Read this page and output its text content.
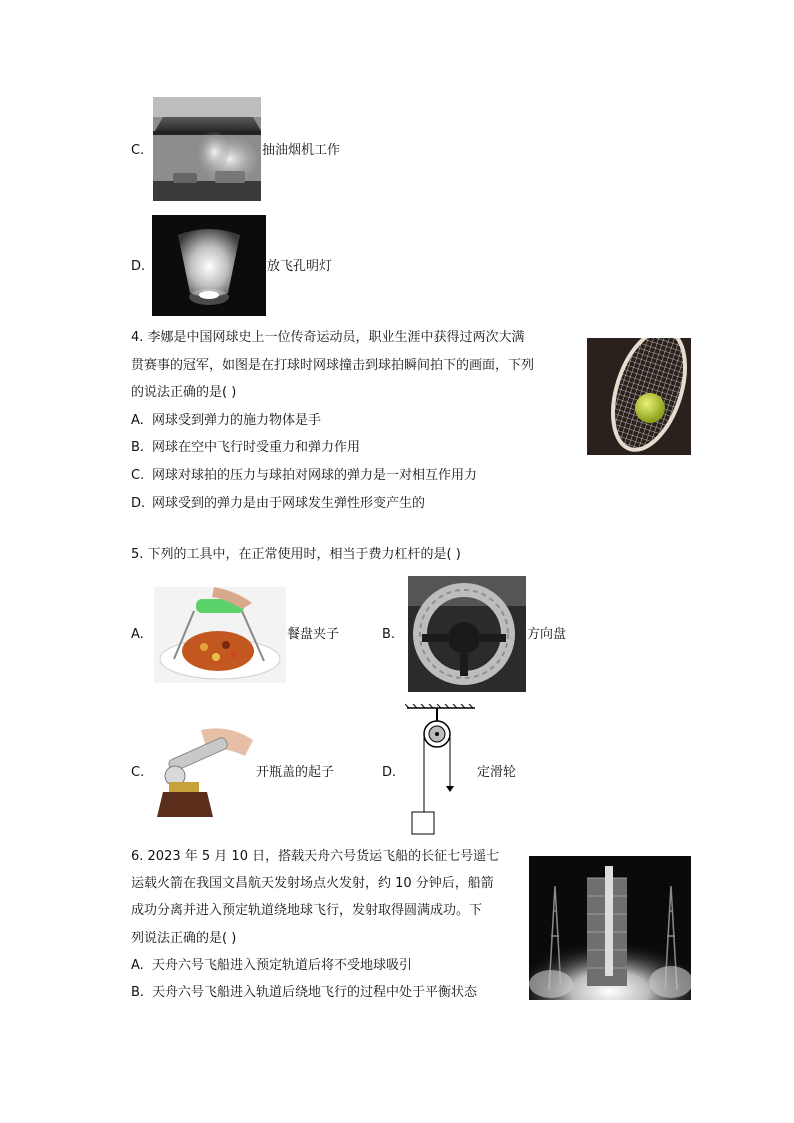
C.	抽油烟机工作
D.	放飞孔明灯
4. 李娜是中国网球史上一位传奇运动员，职业生涯中获得过两次大满
贯赛事的冠军，如图是在打球时网球撞击到球拍瞬间拍下的画面，下列
的说法正确的是( )
A. 网球受到弹力的施力物体是手
B. 网球在空中飞行时受重力和弹力作用
C. 网球对球拍的压力与球拍对网球的弹力是一对相互作用力
D. 网球受到的弹力是由于网球发生弹性形变产生的
5. 下列的工具中，在正常使用时，相当于费力杠杆的是( )
A.	餐盘夹子	B.	方向盘
C.	开瓶盖的起子	D.	定滑轮
6. 2023 年 5 月 10 日，搭载天舟六号货运飞船的长征七号遥七
运载火箭在我国文昌航天发射场点火发射，约 10 分钟后，船箭
成功分离并进入预定轨道绕地球飞行，发射取得圆满成功。下
列说法正确的是( )
A. 天舟六号飞船进入预定轨道后将不受地球吸引
B. 天舟六号飞船进入轨道后绕地飞行的过程中处于平衡状态
